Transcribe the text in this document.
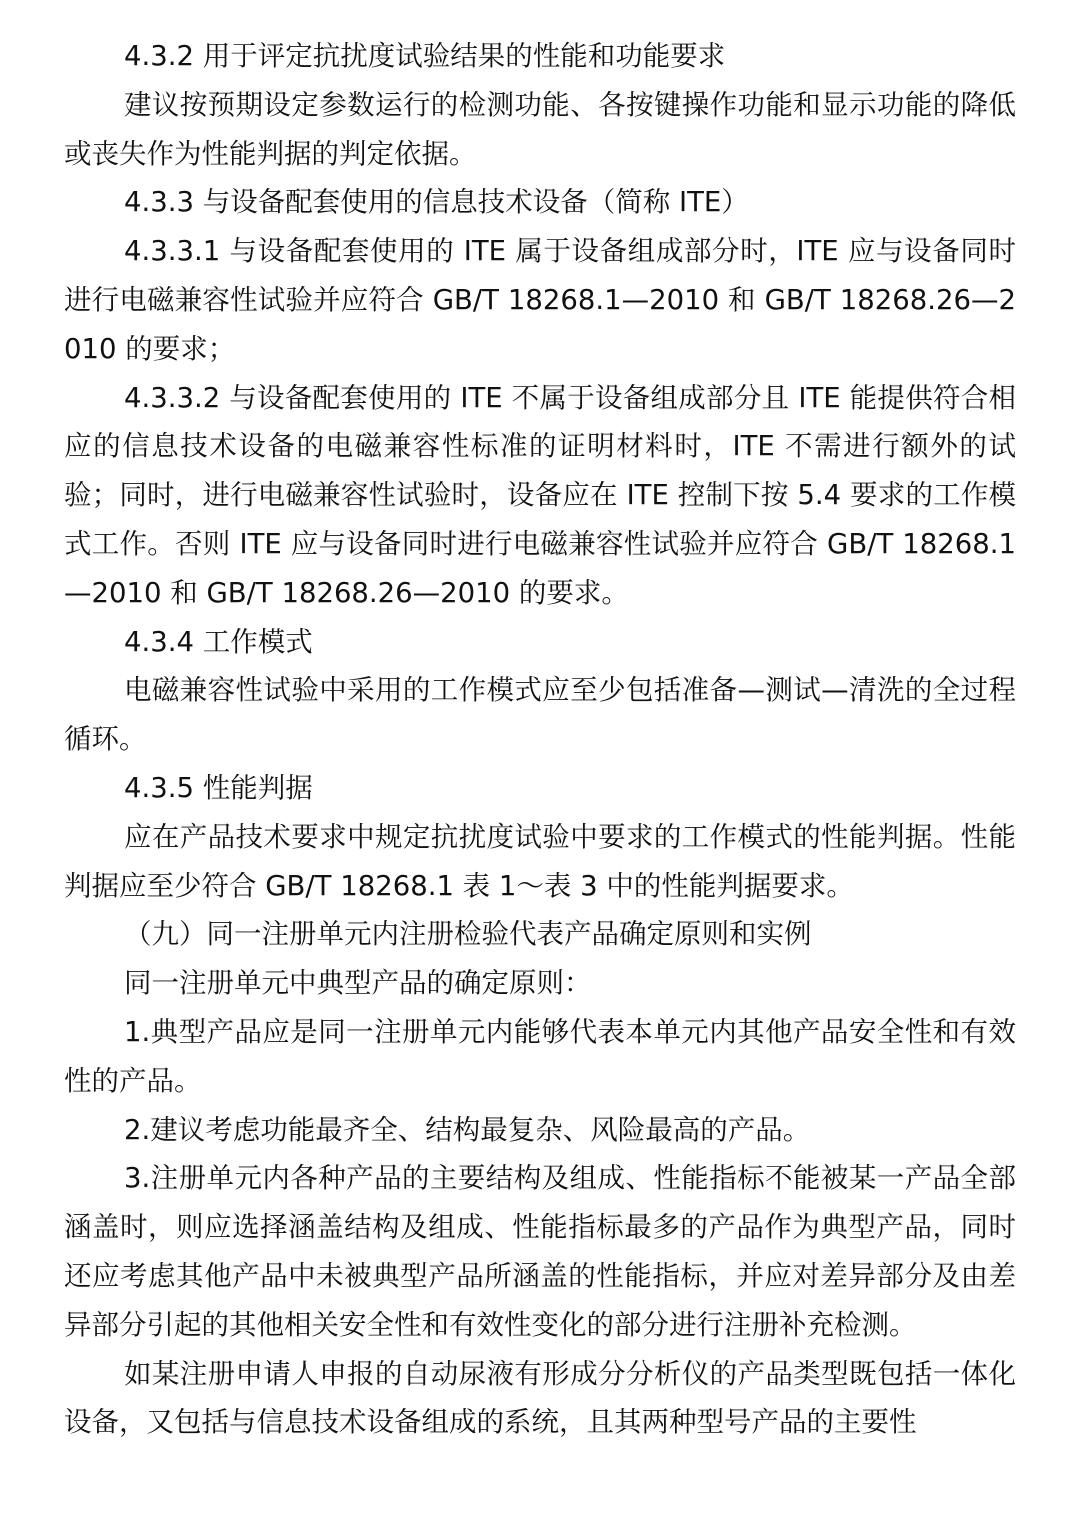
4.3.2 用于评定抗扰度试验结果的性能和功能要求

建议按预期设定参数运行的检测功能、各按键操作功能和显示功能的降低或丧失作为性能判据的判定依据。

4.3.3 与设备配套使用的信息技术设备（简称 ITE）

4.3.3.1 与设备配套使用的 ITE 属于设备组成部分时，ITE 应与设备同时进行电磁兼容性试验并应符合 GB/T 18268.1—2010 和 GB/T 18268.26—2010 的要求；

4.3.3.2 与设备配套使用的 ITE 不属于设备组成部分且 ITE 能提供符合相应的信息技术设备的电磁兼容性标准的证明材料时，ITE 不需进行额外的试验；同时，进行电磁兼容性试验时，设备应在 ITE 控制下按 5.4 要求的工作模式工作。否则 ITE 应与设备同时进行电磁兼容性试验并应符合 GB/T 18268.1—2010 和 GB/T 18268.26—2010 的要求。

4.3.4 工作模式

电磁兼容性试验中采用的工作模式应至少包括准备—测试—清洗的全过程循环。

4.3.5 性能判据

应在产品技术要求中规定抗扰度试验中要求的工作模式的性能判据。性能判据应至少符合 GB/T 18268.1 表 1～表 3 中的性能判据要求。

（九）同一注册单元内注册检验代表产品确定原则和实例

同一注册单元中典型产品的确定原则：

1.典型产品应是同一注册单元内能够代表本单元内其他产品安全性和有效性的产品。

2.建议考虑功能最齐全、结构最复杂、风险最高的产品。

3.注册单元内各种产品的主要结构及组成、性能指标不能被某一产品全部涵盖时，则应选择涵盖结构及组成、性能指标最多的产品作为典型产品，同时还应考虑其他产品中未被典型产品所涵盖的性能指标，并应对差异部分及由差异部分引起的其他相关安全性和有效性变化的部分进行注册补充检测。

如某注册申请人申报的自动尿液有形成分分析仪的产品类型既包括一体化设备，又包括与信息技术设备组成的系统，且其两种型号产品的主要性
